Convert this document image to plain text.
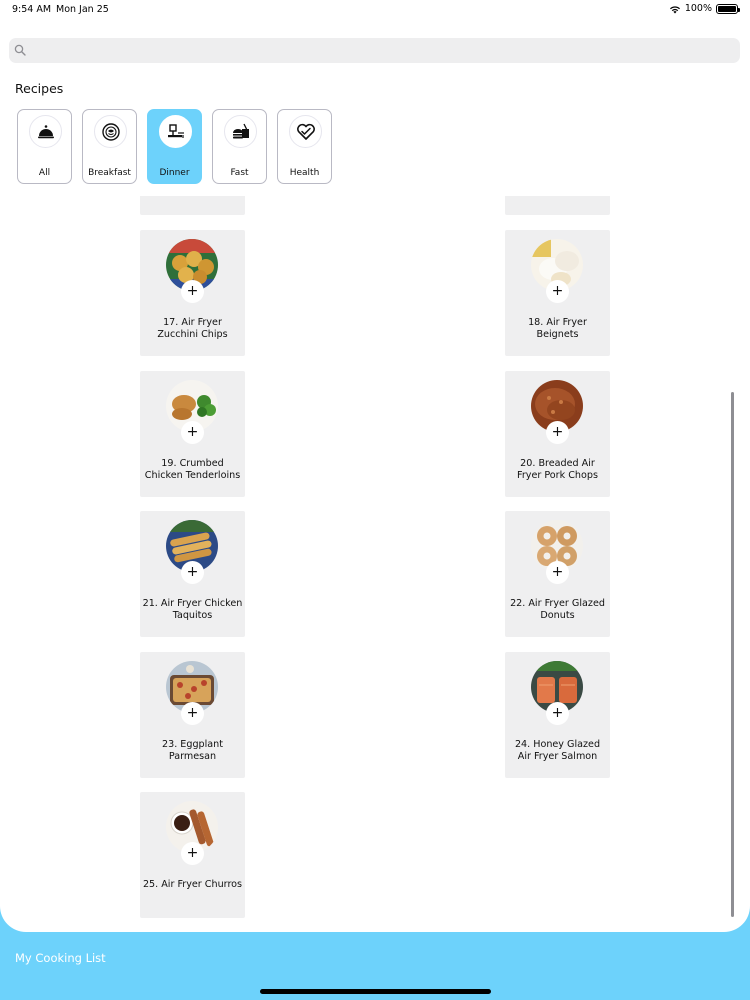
9:54 AM Mon Jan 25	100%
Recipes
All	Breakfast	Dinner	Fast	Health
+
17. Air Fryer Zucchini Chips
+
18. Air Fryer Beignets
+
19. Crumbed Chicken Tenderloins
+
20. Breaded Air Fryer Pork Chops
+
21. Air Fryer Chicken Taquitos
+
22. Air Fryer Glazed Donuts
+
23. Eggplant Parmesan
+
24. Honey Glazed Air Fryer Salmon
+
25. Air Fryer Churros
My Cooking List
